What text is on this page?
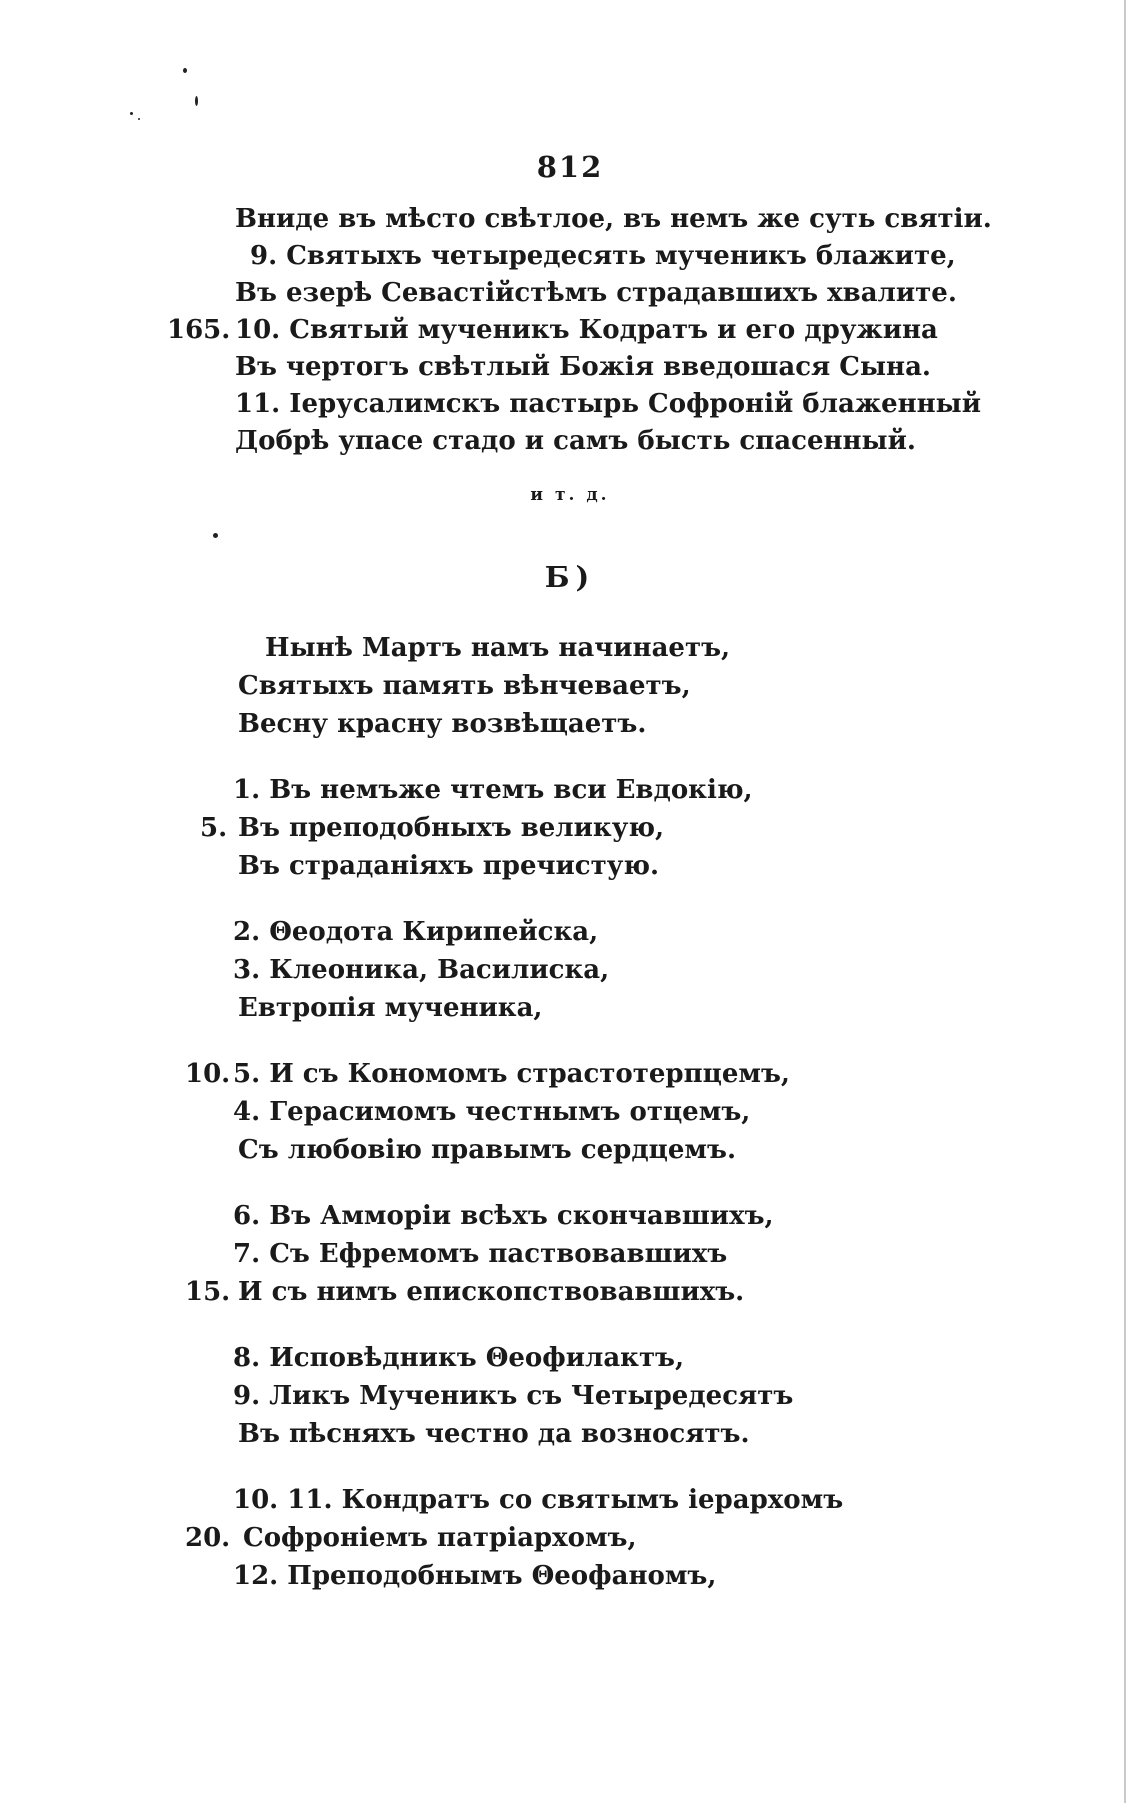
812
Вниде въ мѣсто свѣтлое, въ немъ же суть святіи.
9. Святыхъ четыредесять мученикъ блажите,
Въ езерѣ Севастійстѣмъ страдавшихъ хвалите.
165. 10. Святый мученикъ Кодратъ и его дружина
Въ чертогъ свѣтлый Божія введошася Сына.
11. Іерусалимскъ пастырь Софроній блаженный
Добрѣ упасе стадо и самъ бысть спасенный.
и т. д.
Б)
Нынѣ Мартъ намъ начинаетъ,
Святыхъ память вѣнчеваетъ,
Весну красну возвѣщаетъ.
1. Въ немъже чтемъ вси Евдокію,
5. Въ преподобныхъ великую,
Въ страданіяхъ пречистую.
2. Θеодота Кирипейска,
3. Клеоника, Василиска,
Евтропія мученика,
10. 5. И съ Кономомъ страстотерпцемъ,
4. Герасимомъ честнымъ отцемъ,
Съ любовію правымъ сердцемъ.
6. Въ Амморіи всѣхъ скончавшихъ,
7. Съ Ефремомъ паствовавшихъ
15. И съ нимъ епископствовавшихъ.
8. Исповѣдникъ Θеофилактъ,
9. Ликъ Мученикъ съ Четыредесятъ
Въ пѣсняхъ честно да возносятъ.
10. 11. Кондратъ со святымъ іерархомъ
20. Софроніемъ патріархомъ,
12. Преподобнымъ Θеофаномъ,
